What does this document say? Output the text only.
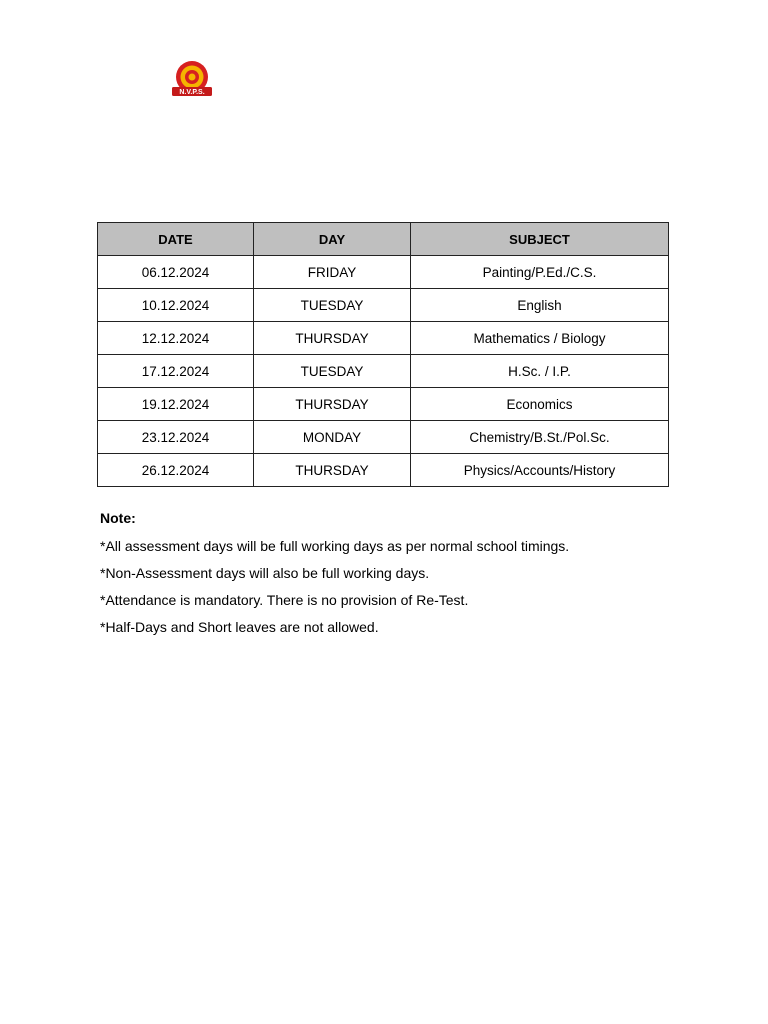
N.V.P.S.
DATE	DAY	SUBJECT
06.12.2024	FRIDAY	Painting/P.Ed./C.S.
10.12.2024	TUESDAY	English
12.12.2024	THURSDAY	Mathematics / Biology
17.12.2024	TUESDAY	H.Sc. / I.P.
19.12.2024	THURSDAY	Economics
23.12.2024	MONDAY	Chemistry/B.St./Pol.Sc.
26.12.2024	THURSDAY	Physics/Accounts/History

Note:

*All assessment days will be full working days as per normal school timings.

*Non-Assessment days will also be full working days.

*Attendance is mandatory. There is no provision of Re-Test.

*Half-Days and Short leaves are not allowed.
